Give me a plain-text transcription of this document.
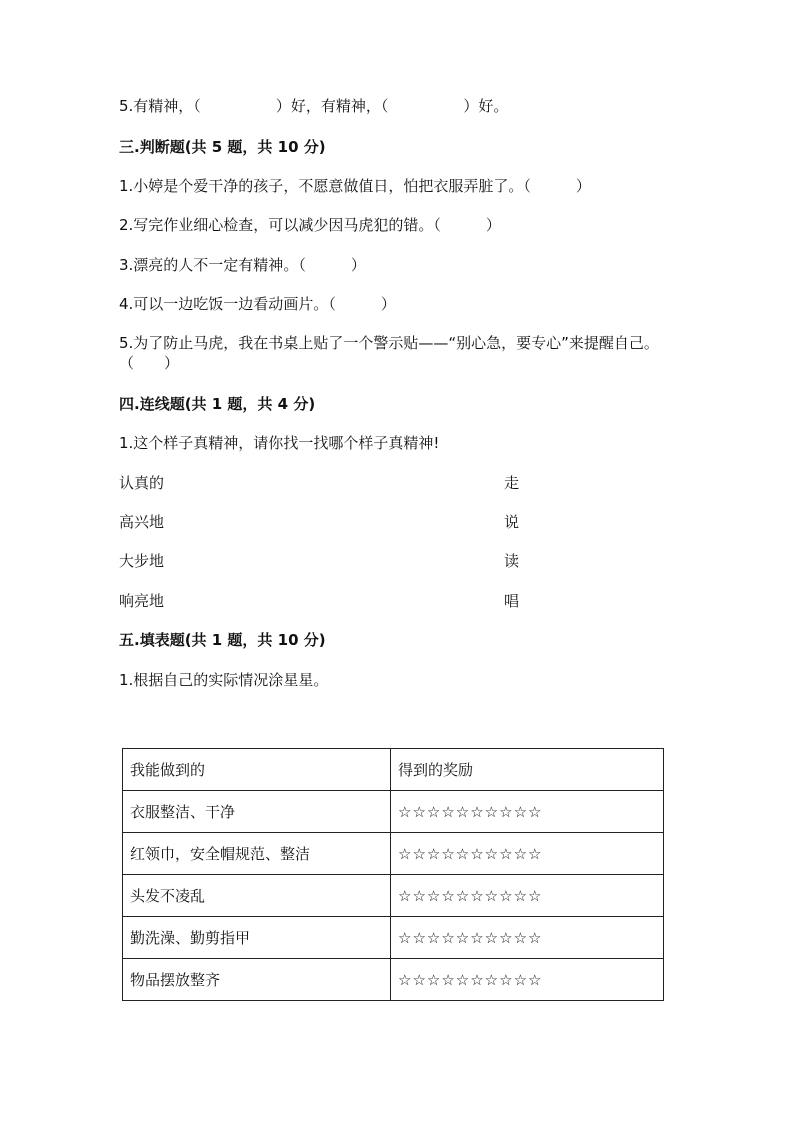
5.有精神，（　　　　　）好，有精神，（　　　　　）好。
三.判断题(共 5 题，共 10 分)
1.小婷是个爱干净的孩子，不愿意做值日，怕把衣服弄脏了。（　　　）
2.写完作业细心检查，可以减少因马虎犯的错。（　　　）
3.漂亮的人不一定有精神。（　　　）
4.可以一边吃饭一边看动画片。（　　　）
5.为了防止马虎，我在书桌上贴了一个警示贴——“别心急，要专心”来提醒自己。（　　）
四.连线题(共 1 题，共 4 分)
1.这个样子真精神，请你找一找哪个样子真精神!
认真的	走
高兴地	说
大步地	读
响亮地	唱
五.填表题(共 1 题，共 10 分)
1.根据自己的实际情况涂星星。
我能做到的	得到的奖励
衣服整洁、干净	☆☆☆☆☆☆☆☆☆☆
红领巾，安全帽规范、整洁	☆☆☆☆☆☆☆☆☆☆
头发不凌乱	☆☆☆☆☆☆☆☆☆☆
勤洗澡、勤剪指甲	☆☆☆☆☆☆☆☆☆☆
物品摆放整齐	☆☆☆☆☆☆☆☆☆☆
